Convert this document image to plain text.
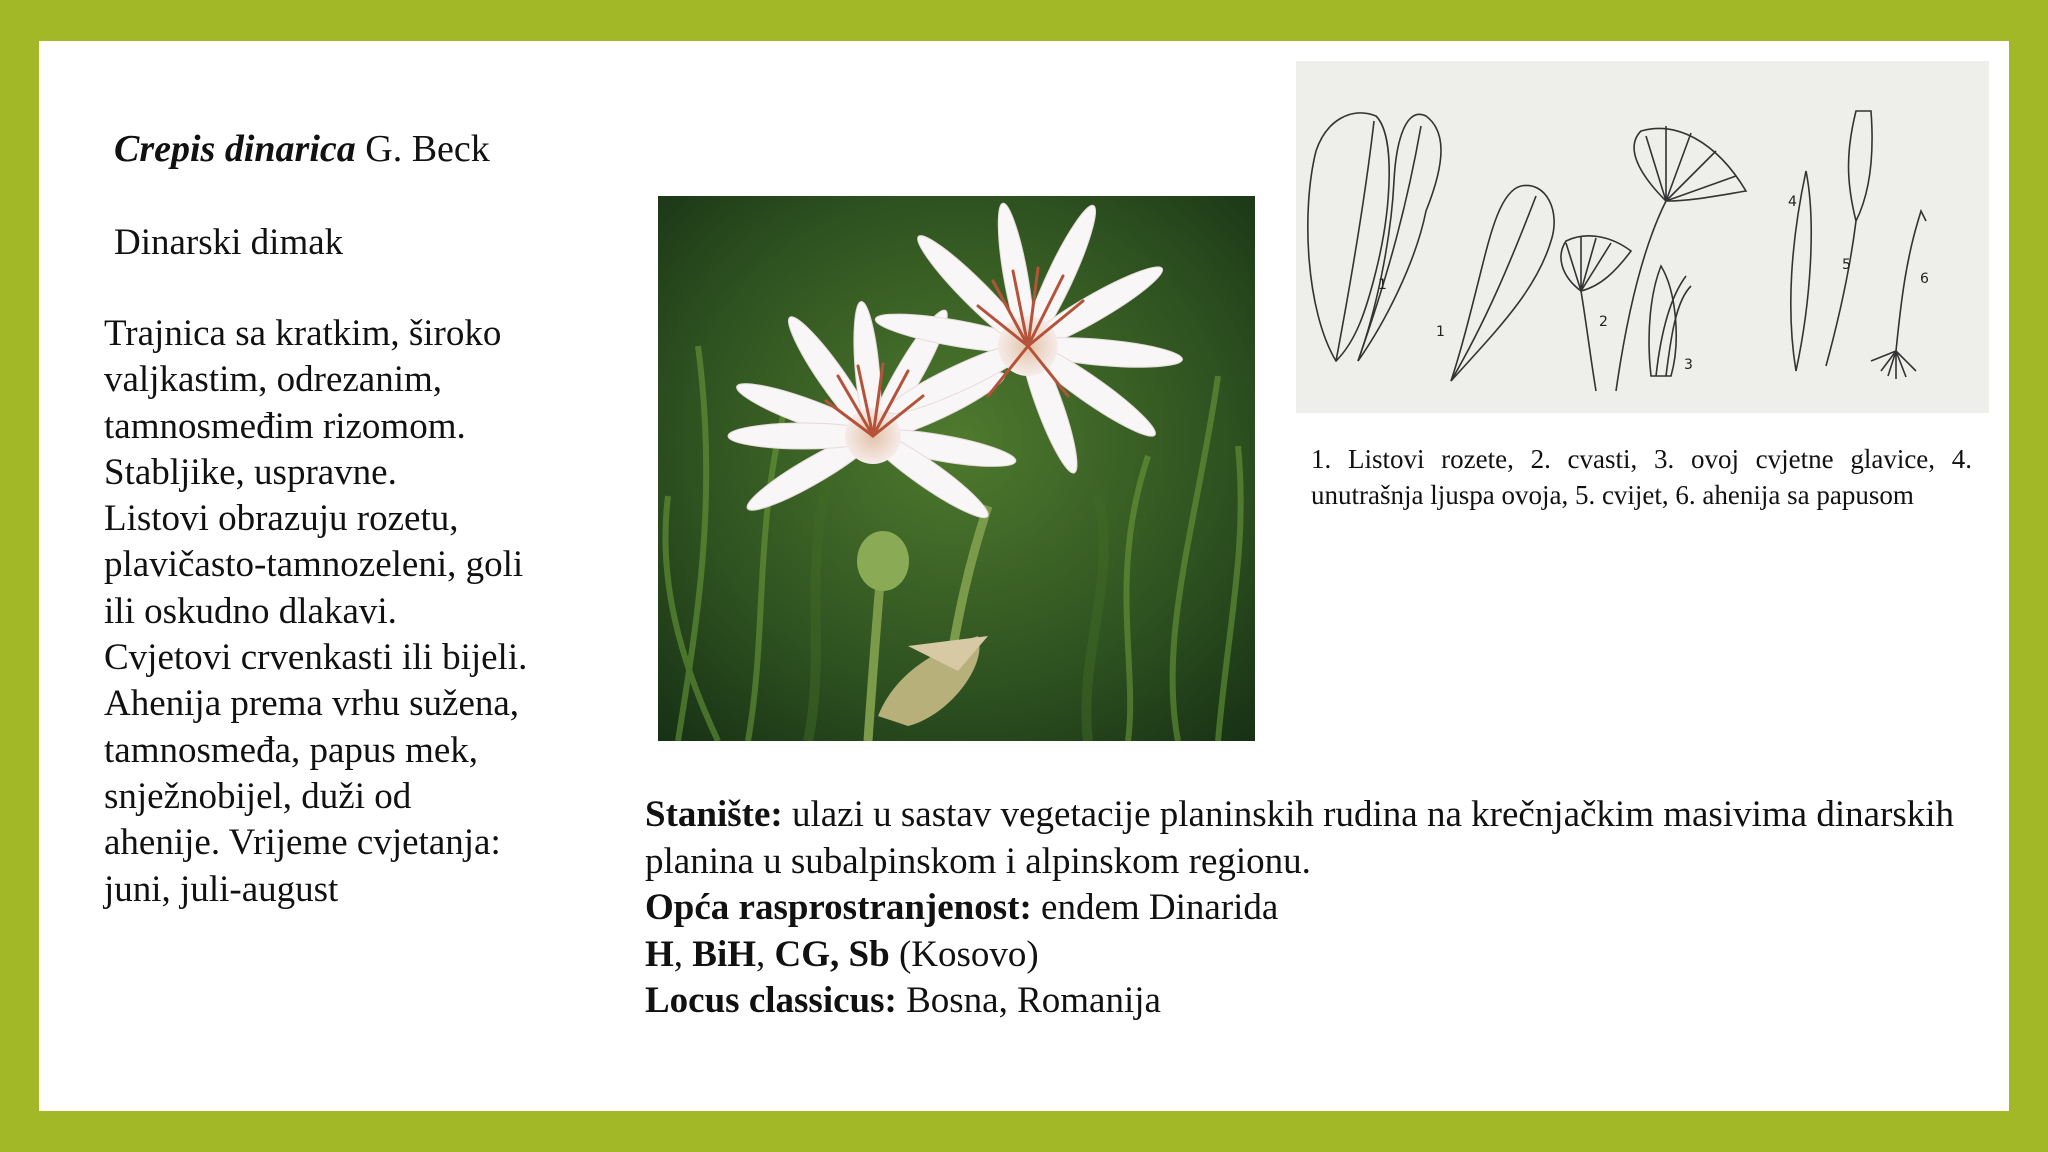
Crepis dinarica G. Beck
Dinarski dimak
Trajnica sa kratkim, široko
valjkastim, odrezanim,
tamnosmeđim rizomom.
Stabljike, uspravne.
Listovi obrazuju rozetu,
plavičasto-tamnozeleni, goli
ili oskudno dlakavi.
Cvjetovi crvenkasti ili bijeli.
Ahenija prema vrhu sužena,
tamnosmeđa, papus mek,
snježnobijel, duži od
ahenije. Vrijeme cvjetanja:
juni, juli-august
1
1
2
3
4
5
6
1. Listovi rozete, 2. cvasti, 3. ovoj cvjetne glavice, 4. unutrašnja ljuspa ovoja, 5. cvijet, 6. ahenija sa papusom

Stanište: ulazi u sastav vegetacije planinskih rudina na krečnjačkim masivima dinarskih planina u subalpinskom i alpinskom regionu.

Opća rasprostranjenost: endem Dinarida

H, BiH, CG, Sb (Kosovo)

Locus classicus: Bosna, Romanija
